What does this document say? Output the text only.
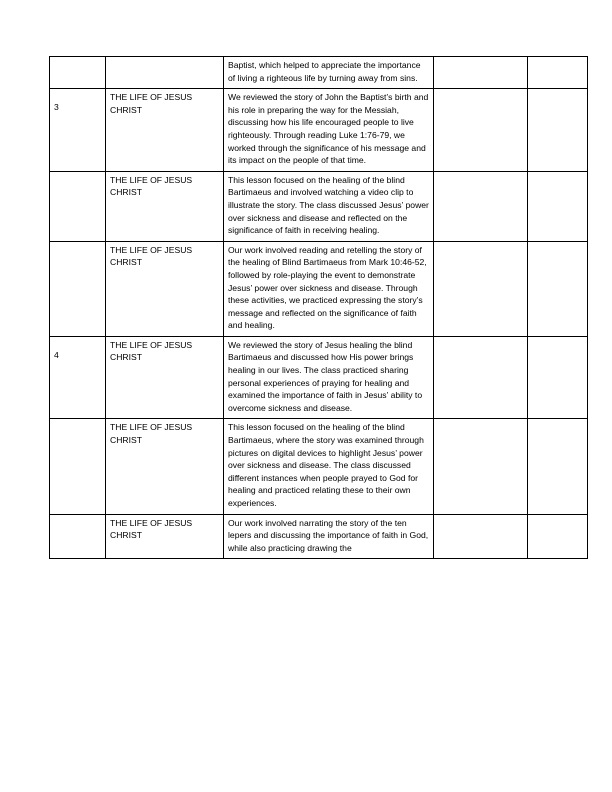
		Baptist, which helped to appreciate the importance of living a righteous life by turning away from sins.		

3	THE LIFE OF JESUS CHRIST	We reviewed the story of John the Baptist’s birth and his role in preparing the way for the Messiah, discussing how his life encouraged people to live righteously. Through reading Luke 1:76-79, we worked through the significance of his message and its impact on the people of that time.		

	THE LIFE OF JESUS CHRIST	This lesson focused on the healing of the blind Bartimaeus and involved watching a video clip to illustrate the story. The class discussed Jesus’ power over sickness and disease and reflected on the significance of faith in receiving healing.		

	THE LIFE OF JESUS CHRIST	Our work involved reading and retelling the story of the healing of Blind Bartimaeus from Mark 10:46-52, followed by role-playing the event to demonstrate Jesus’ power over sickness and disease. Through these activities, we practiced expressing the story’s message and reflected on the significance of faith and healing.		

4	THE LIFE OF JESUS CHRIST	We reviewed the story of Jesus healing the blind Bartimaeus and discussed how His power brings healing in our lives. The class practiced sharing personal experiences of praying for healing and examined the importance of faith in Jesus’ ability to overcome sickness and disease.		

	THE LIFE OF JESUS CHRIST	This lesson focused on the healing of the blind Bartimaeus, where the story was examined through pictures on digital devices to highlight Jesus’ power over sickness and disease. The class discussed different instances when people prayed to God for healing and practiced relating these to their own experiences.		

	THE LIFE OF JESUS CHRIST	Our work involved narrating the story of the ten lepers and discussing the importance of faith in God, while also practicing drawing the		
